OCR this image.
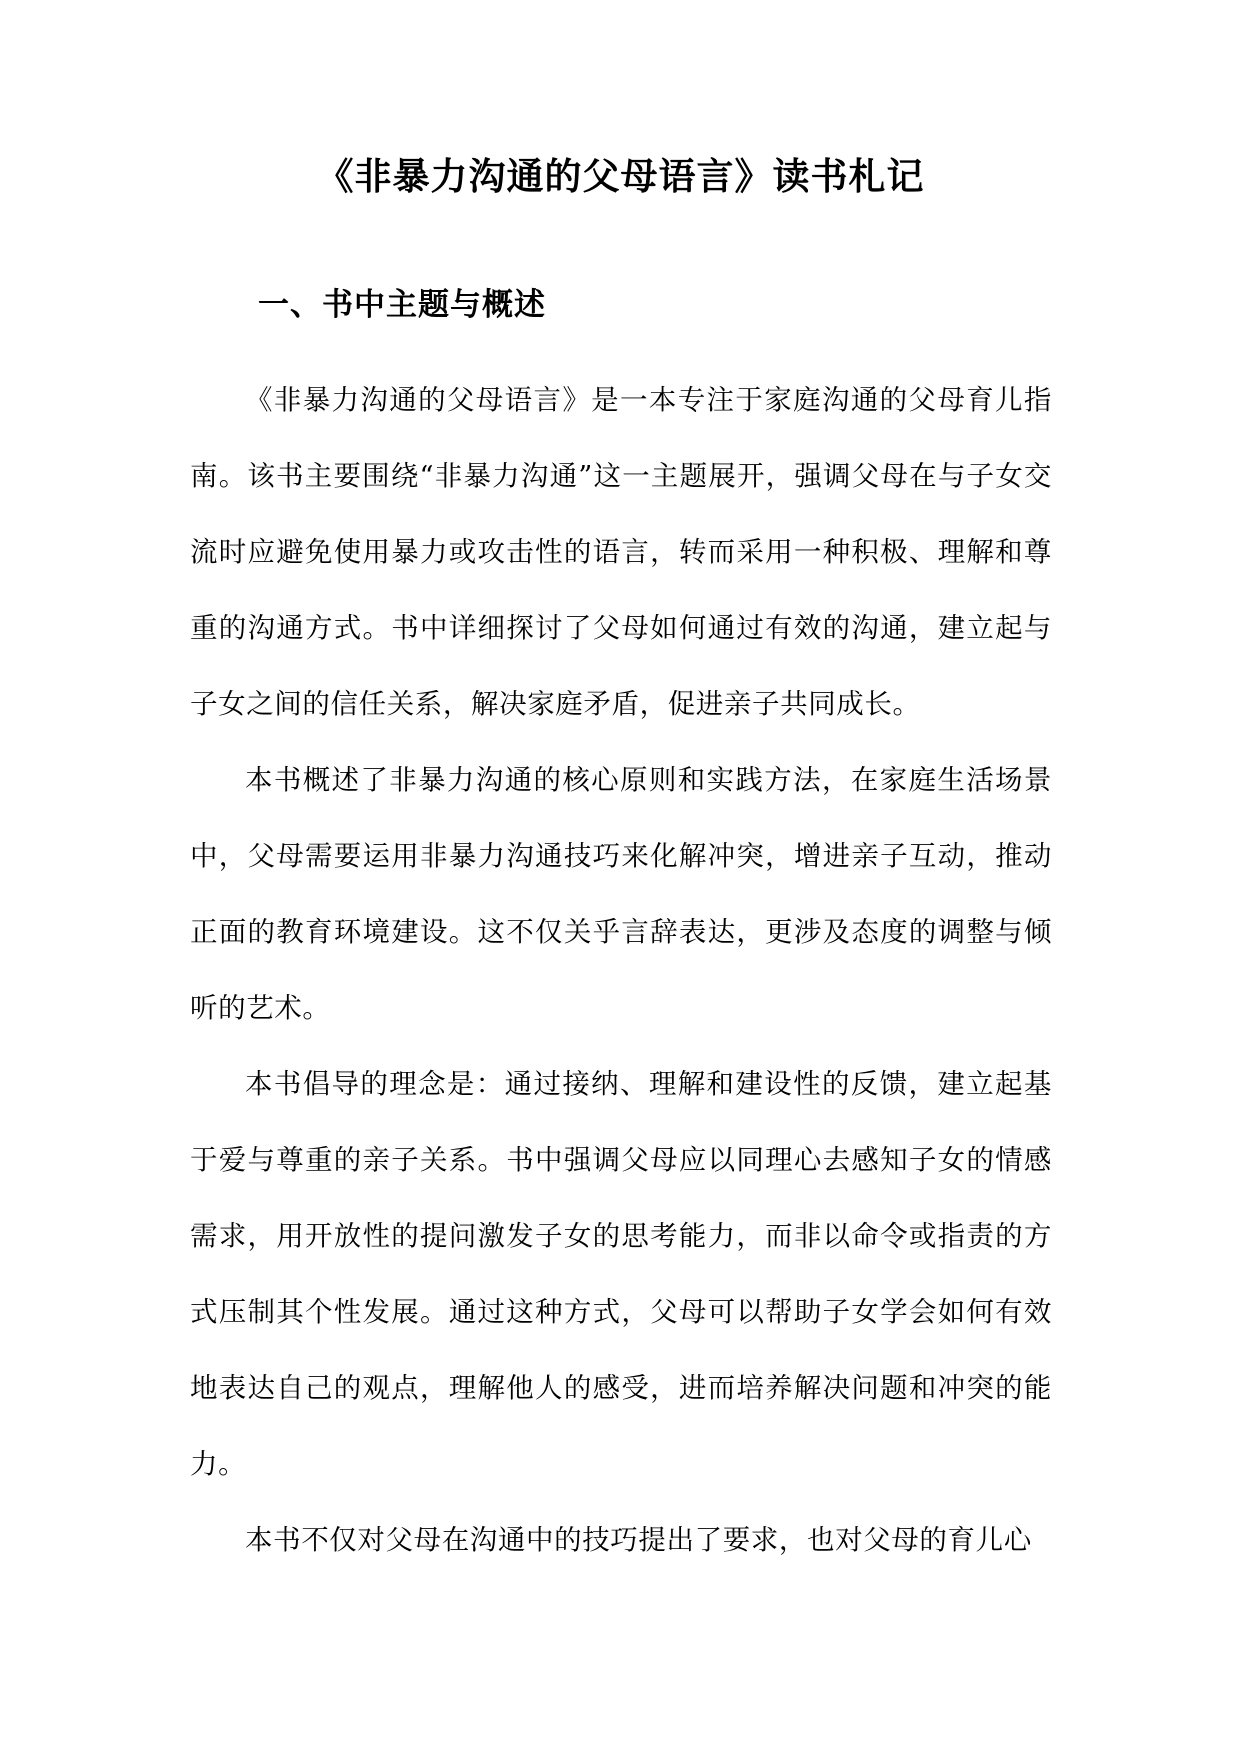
《非暴力沟通的父母语言》读书札记
一、书中主题与概述

《非暴力沟通的父母语言》是一本专注于家庭沟通的父母育儿指南。该书主要围绕“非暴力沟通”这一主题展开，强调父母在与子女交流时应避免使用暴力或攻击性的语言，转而采用一种积极、理解和尊重的沟通方式。书中详细探讨了父母如何通过有效的沟通，建立起与子女之间的信任关系，解决家庭矛盾，促进亲子共同成长。

本书概述了非暴力沟通的核心原则和实践方法，在家庭生活场景中，父母需要运用非暴力沟通技巧来化解冲突，增进亲子互动，推动正面的教育环境建设。这不仅关乎言辞表达，更涉及态度的调整与倾听的艺术。

本书倡导的理念是：通过接纳、理解和建设性的反馈，建立起基于爱与尊重的亲子关系。书中强调父母应以同理心去感知子女的情感需求，用开放性的提问激发子女的思考能力，而非以命令或指责的方式压制其个性发展。通过这种方式，父母可以帮助子女学会如何有效地表达自己的观点，理解他人的感受，进而培养解决问题和冲突的能力。

本书不仅对父母在沟通中的技巧提出了要求，也对父母的育儿心
